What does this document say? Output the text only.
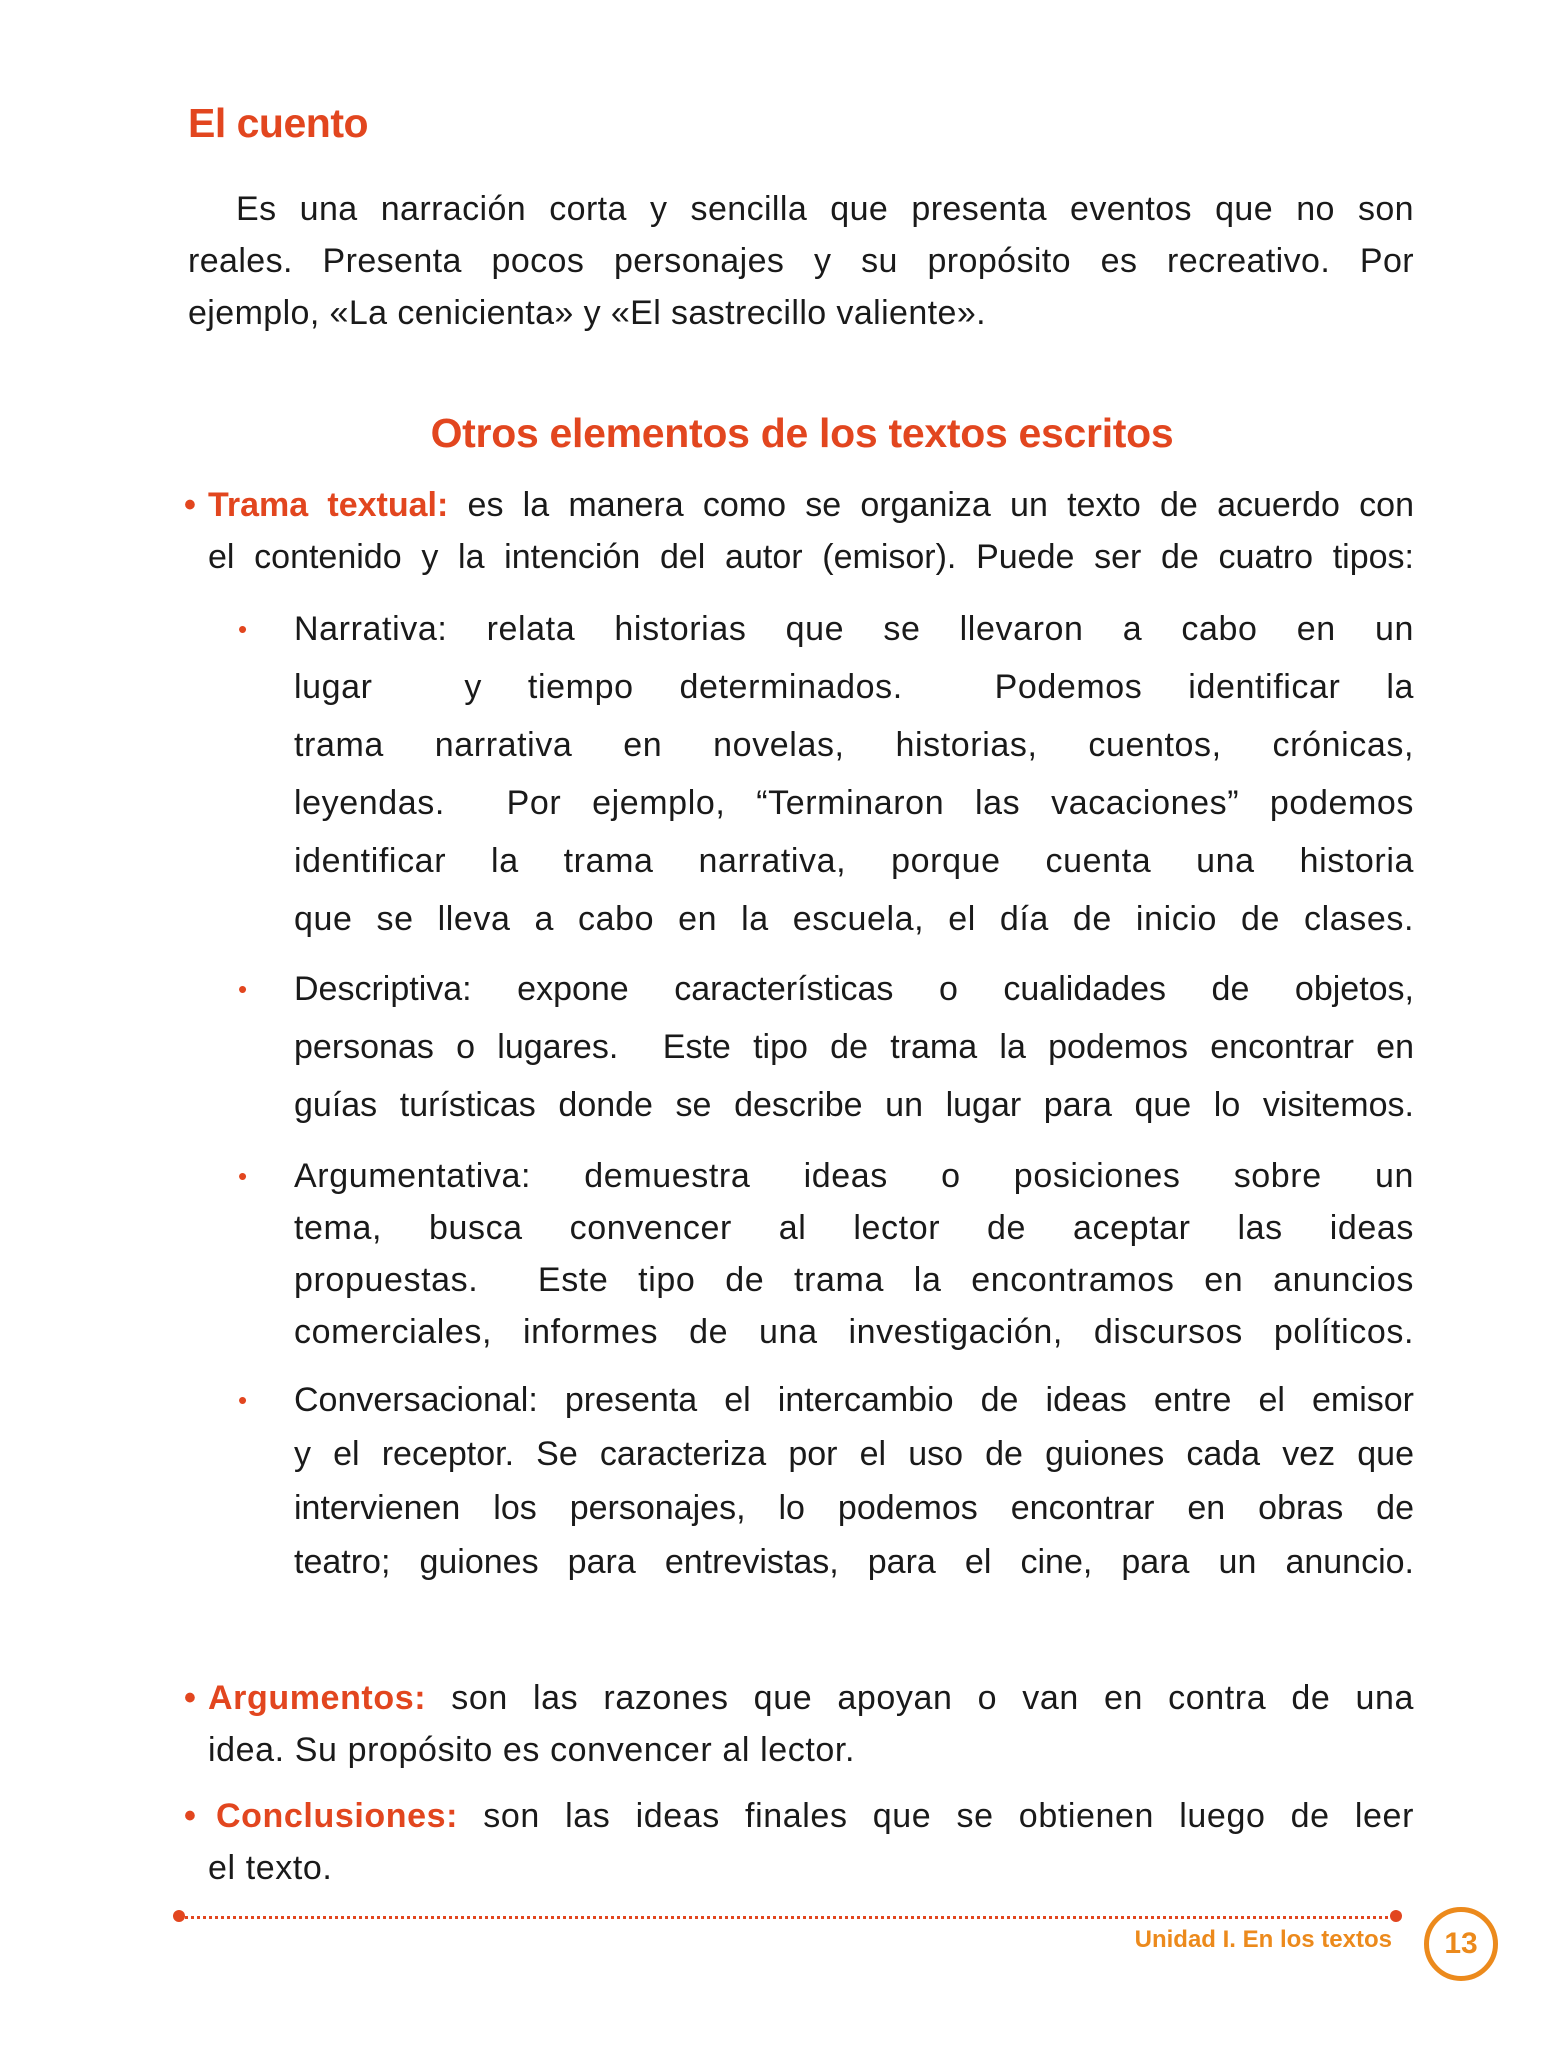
El cuento
Es una narración corta y sencilla que presenta eventos que no son
reales. Presenta pocos personajes y su propósito es recreativo. Por
ejemplo, «La cenicienta» y «El sastrecillo valiente».
Otros elementos de los textos escritos
• Trama textual: es la manera como se organiza un texto de acuerdo con
el contenido y la intención del autor (emisor). Puede ser de cuatro tipos:
• Narrativa: relata historias que se llevaron a cabo en un
lugar  y tiempo determinados.  Podemos identificar la
trama narrativa en novelas, historias, cuentos, crónicas,
leyendas.  Por ejemplo, “Terminaron las vacaciones” podemos
identificar la trama narrativa, porque cuenta una historia
que se lleva a cabo en la escuela, el día de inicio de clases.
• Descriptiva: expone características o cualidades de objetos,
personas o lugares.  Este tipo de trama la podemos encontrar en
guías turísticas donde se describe un lugar para que lo visitemos.
• Argumentativa: demuestra ideas o posiciones sobre un
tema, busca convencer al lector de aceptar las ideas
propuestas.  Este tipo de trama la encontramos en anuncios
comerciales, informes de una investigación, discursos políticos.
• Conversacional: presenta el intercambio de ideas entre el emisor
y el receptor. Se caracteriza por el uso de guiones cada vez que
intervienen los personajes, lo podemos encontrar en obras de
teatro; guiones para entrevistas, para el cine, para un anuncio.
• Argumentos: son las razones que apoyan o van en contra de una
idea. Su propósito es convencer al lector.
• Conclusiones: son las ideas finales que se obtienen luego de leer
el texto.
Unidad I. En los textos 13
